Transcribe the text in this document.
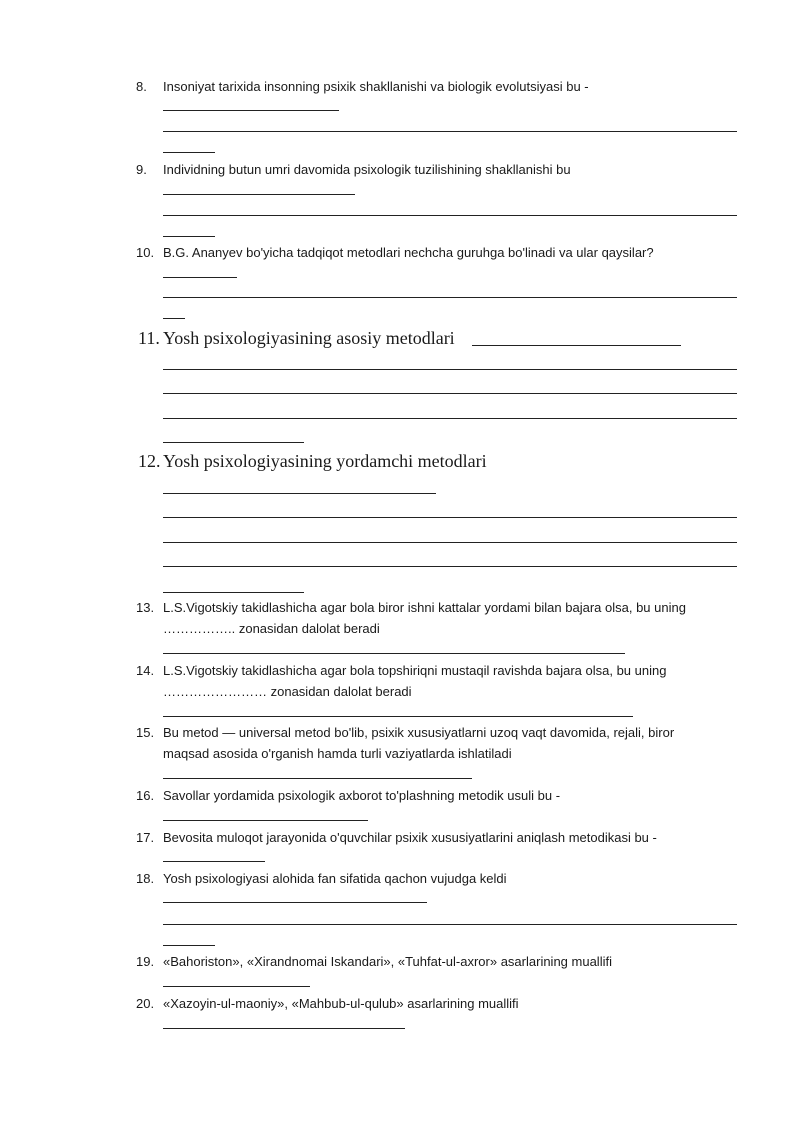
8.	Insoniyat tarixida insonning psixik shakllanishi va biologik evolutsiyasi bu -
9.	Individning butun umri davomida psixologik tuzilishining shakllanishi bu
10. B.G. Ananyev bo'yicha tadqiqot metodlari nechcha guruhga bo'linadi va ular qaysilar?
11. Yosh psixologiyasining asosiy metodlari
12. Yosh psixologiyasining yordamchi metodlari
13. L.S.Vigotskiy takidlashicha agar bola biror ishni kattalar yordami bilan bajara olsa, bu uning
…………….. zonasidan dalolat beradi
14. L.S.Vigotskiy takidlashicha agar bola topshiriqni mustaqil ravishda bajara olsa, bu uning
…………………… zonasidan dalolat beradi
15. Bu metod — universal metod bo'lib, psixik xususiyatlarni uzoq vaqt davomida, rejali, biror
maqsad asosida o'rganish hamda turli vaziyatlarda ishlatiladi
16. Savollar yordamida psixologik axborot to'plashning metodik usuli bu -
17. Bevosita muloqot jarayonida o'quvchilar psixik xususiyatlarini aniqlash metodikasi bu -
18. Yosh psixologiyasi alohida fan sifatida qachon vujudga keldi
19. «Bahoriston», «Xirandnomai Iskandari», «Tuhfat-ul-axror» asarlarining muallifi
20. «Xazoyin-ul-maoniy», «Mahbub-ul-qulub» asarlarining muallifi
